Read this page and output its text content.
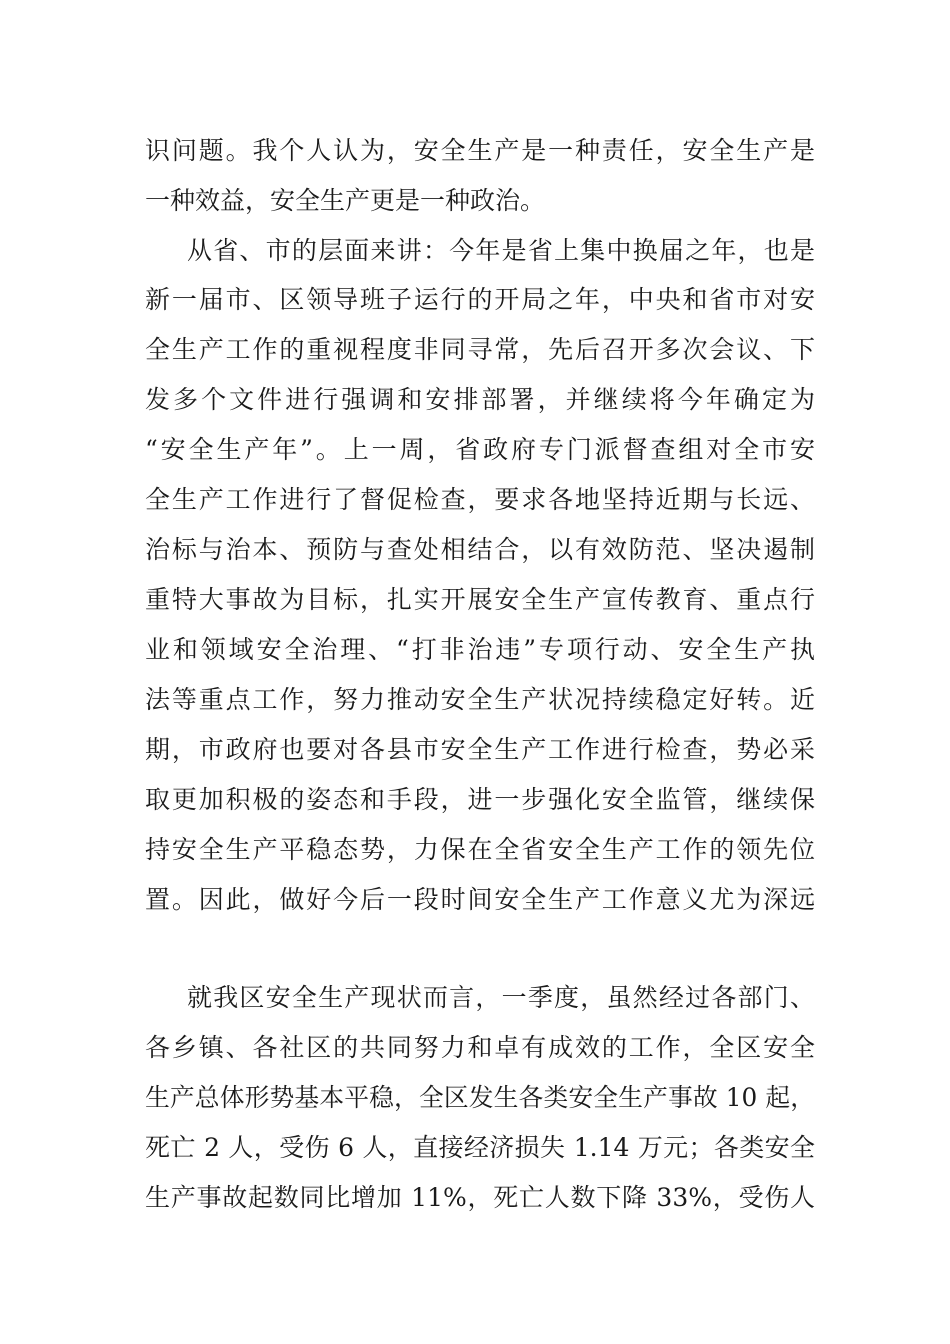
识问题。我个人认为，安全生产是一种责任，安全生产是
一种效益，安全生产更是一种政治。
从省、市的层面来讲：今年是省上集中换届之年，也是
新一届市、区领导班子运行的开局之年，中央和省市对安
全生产工作的重视程度非同寻常，先后召开多次会议、下
发多个文件进行强调和安排部署，并继续将今年确定为
“安全生产年”。上一周，省政府专门派督查组对全市安
全生产工作进行了督促检查，要求各地坚持近期与长远、
治标与治本、预防与查处相结合，以有效防范、坚决遏制
重特大事故为目标，扎实开展安全生产宣传教育、重点行
业和领域安全治理、“打非治违”专项行动、安全生产执
法等重点工作，努力推动安全生产状况持续稳定好转。近
期，市政府也要对各县市安全生产工作进行检查，势必采
取更加积极的姿态和手段，进一步强化安全监管，继续保
持安全生产平稳态势，力保在全省安全生产工作的领先位
置。因此，做好今后一段时间安全生产工作意义尤为深远
就我区安全生产现状而言，一季度，虽然经过各部门、
各乡镇、各社区的共同努力和卓有成效的工作，全区安全
生产总体形势基本平稳，全区发生各类安全生产事故 10 起，
死亡 2 人，受伤 6 人，直接经济损失 1.14 万元；各类安全
生产事故起数同比增加 11%，死亡人数下降 33%，受伤人
